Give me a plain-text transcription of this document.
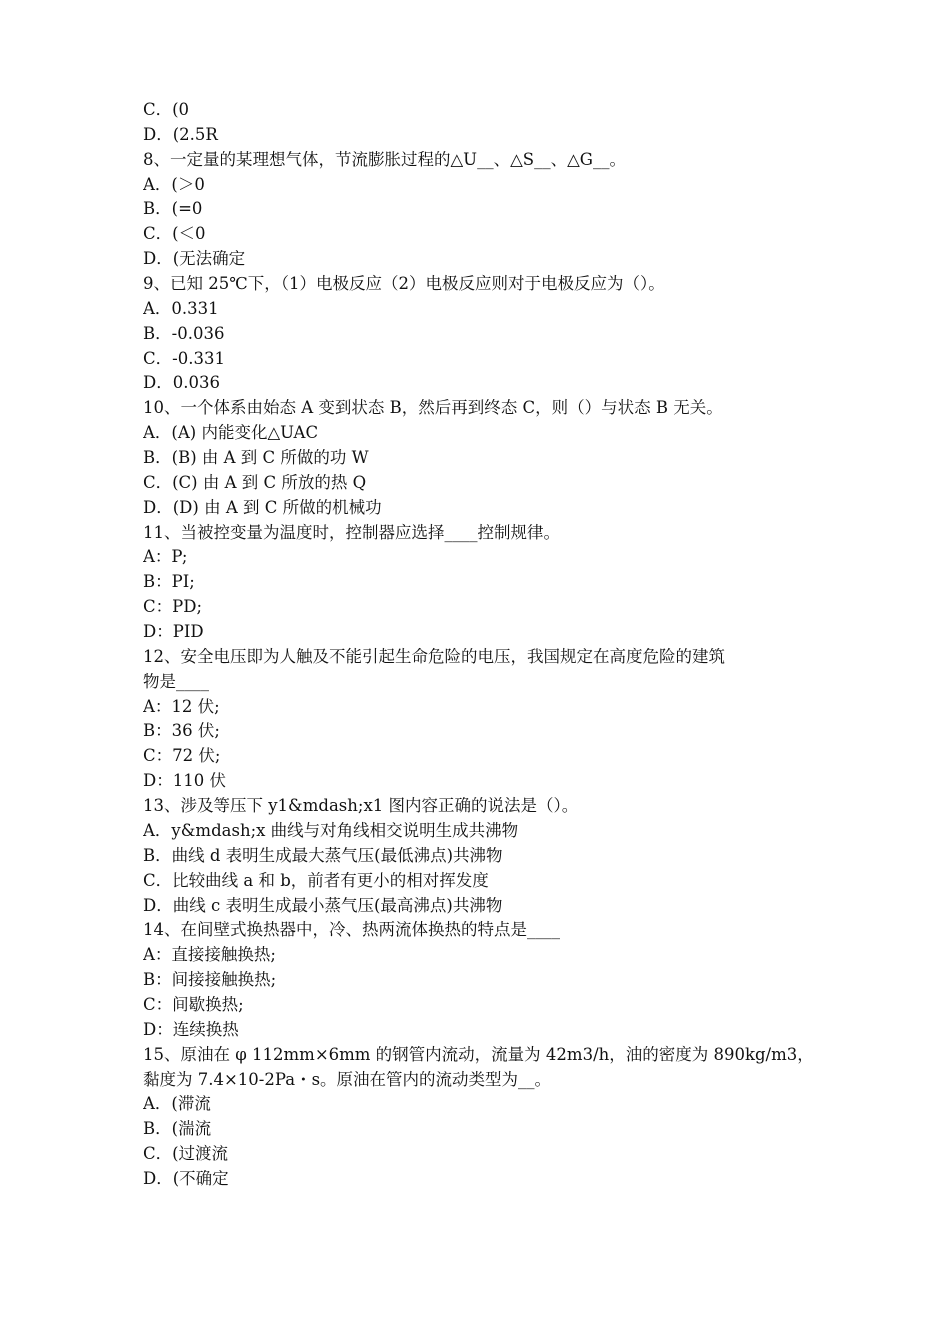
C．(0
D．(2.5R
8、一定量的某理想气体，节流膨胀过程的△U__、△S__、△G__。
A．(＞0
B．(=0
C．(＜0
D．(无法确定
9、已知 25℃下，（1）电极反应（2）电极反应则对于电极反应为（）。
A．0.331
B．-0.036
C．-0.331
D．0.036
10、一个体系由始态 A 变到状态 B，然后再到终态 C，则（）与状态 B 无关。
A．(A) 内能变化△UAC
B．(B) 由 A 到 C 所做的功 W
C．(C) 由 A 到 C 所放的热 Q
D．(D) 由 A 到 C 所做的机械功
11、当被控变量为温度时，控制器应选择____控制规律。
A：P;
B：PI;
C：PD;
D：PID
12、安全电压即为人触及不能引起生命危险的电压，我国规定在高度危险的建筑
物是____
A：12 伏;
B：36 伏;
C：72 伏;
D：110 伏
13、涉及等压下 y1&mdash;x1 图内容正确的说法是（）。
A．y&mdash;x 曲线与对角线相交说明生成共沸物
B．曲线 d 表明生成最大蒸气压(最低沸点)共沸物
C．比较曲线 a 和 b，前者有更小的相对挥发度
D．曲线 c 表明生成最小蒸气压(最高沸点)共沸物
14、在间壁式换热器中，冷、热两流体换热的特点是____
A：直接接触换热;
B：间接接触换热;
C：间歇换热;
D：连续换热
15、原油在 φ 112mm×6mm 的钢管内流动，流量为 42m3/h，油的密度为 890kg/m3，
黏度为 7.4×10-2Pa・s。原油在管内的流动类型为__。
A．(滞流
B．(湍流
C．(过渡流
D．(不确定
